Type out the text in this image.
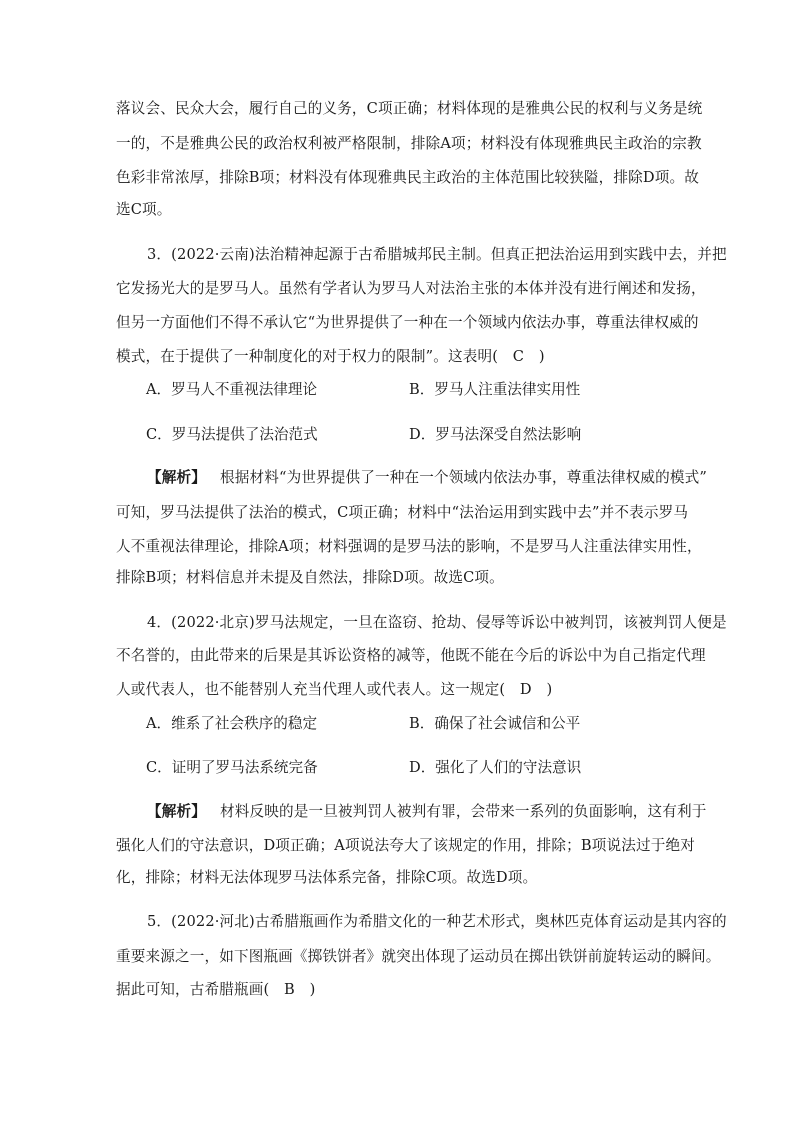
落议会、民众大会，履行自己的义务，C项正确；材料体现的是雅典公民的权利与义务是统
一的，不是雅典公民的政治权利被严格限制，排除A项；材料没有体现雅典民主政治的宗教
色彩非常浓厚，排除B项；材料没有体现雅典民主政治的主体范围比较狭隘，排除D项。故
选C项。
3．(2022·云南)法治精神起源于古希腊城邦民主制。但真正把法治运用到实践中去，并把
它发扬光大的是罗马人。虽然有学者认为罗马人对法治主张的本体并没有进行阐述和发扬，
但另一方面他们不得不承认它“为世界提供了一种在一个领域内依法办事，尊重法律权威的
模式，在于提供了一种制度化的对于权力的限制”。这表明(　C　)
A．罗马人不重视法律理论	B．罗马人注重法律实用性
C．罗马法提供了法治范式	D．罗马法深受自然法影响
【解析】 根据材料“为世界提供了一种在一个领域内依法办事，尊重法律权威的模式”
可知，罗马法提供了法治的模式，C项正确；材料中“法治运用到实践中去”并不表示罗马
人不重视法律理论，排除A项；材料强调的是罗马法的影响，不是罗马人注重法律实用性，
排除B项；材料信息并未提及自然法，排除D项。故选C项。
4．(2022·北京)罗马法规定，一旦在盗窃、抢劫、侵辱等诉讼中被判罚，该被判罚人便是
不名誉的，由此带来的后果是其诉讼资格的减等，他既不能在今后的诉讼中为自己指定代理
人或代表人，也不能替别人充当代理人或代表人。这一规定(　D　)
A．维系了社会秩序的稳定	B．确保了社会诚信和公平
C．证明了罗马法系统完备	D．强化了人们的守法意识
【解析】 材料反映的是一旦被判罚人被判有罪，会带来一系列的负面影响，这有利于
强化人们的守法意识，D项正确；A项说法夸大了该规定的作用，排除；B项说法过于绝对
化，排除；材料无法体现罗马法体系完备，排除C项。故选D项。
5．(2022·河北)古希腊瓶画作为希腊文化的一种艺术形式，奥林匹克体育运动是其内容的
重要来源之一，如下图瓶画《掷铁饼者》就突出体现了运动员在掷出铁饼前旋转运动的瞬间。
据此可知，古希腊瓶画(　B　)
